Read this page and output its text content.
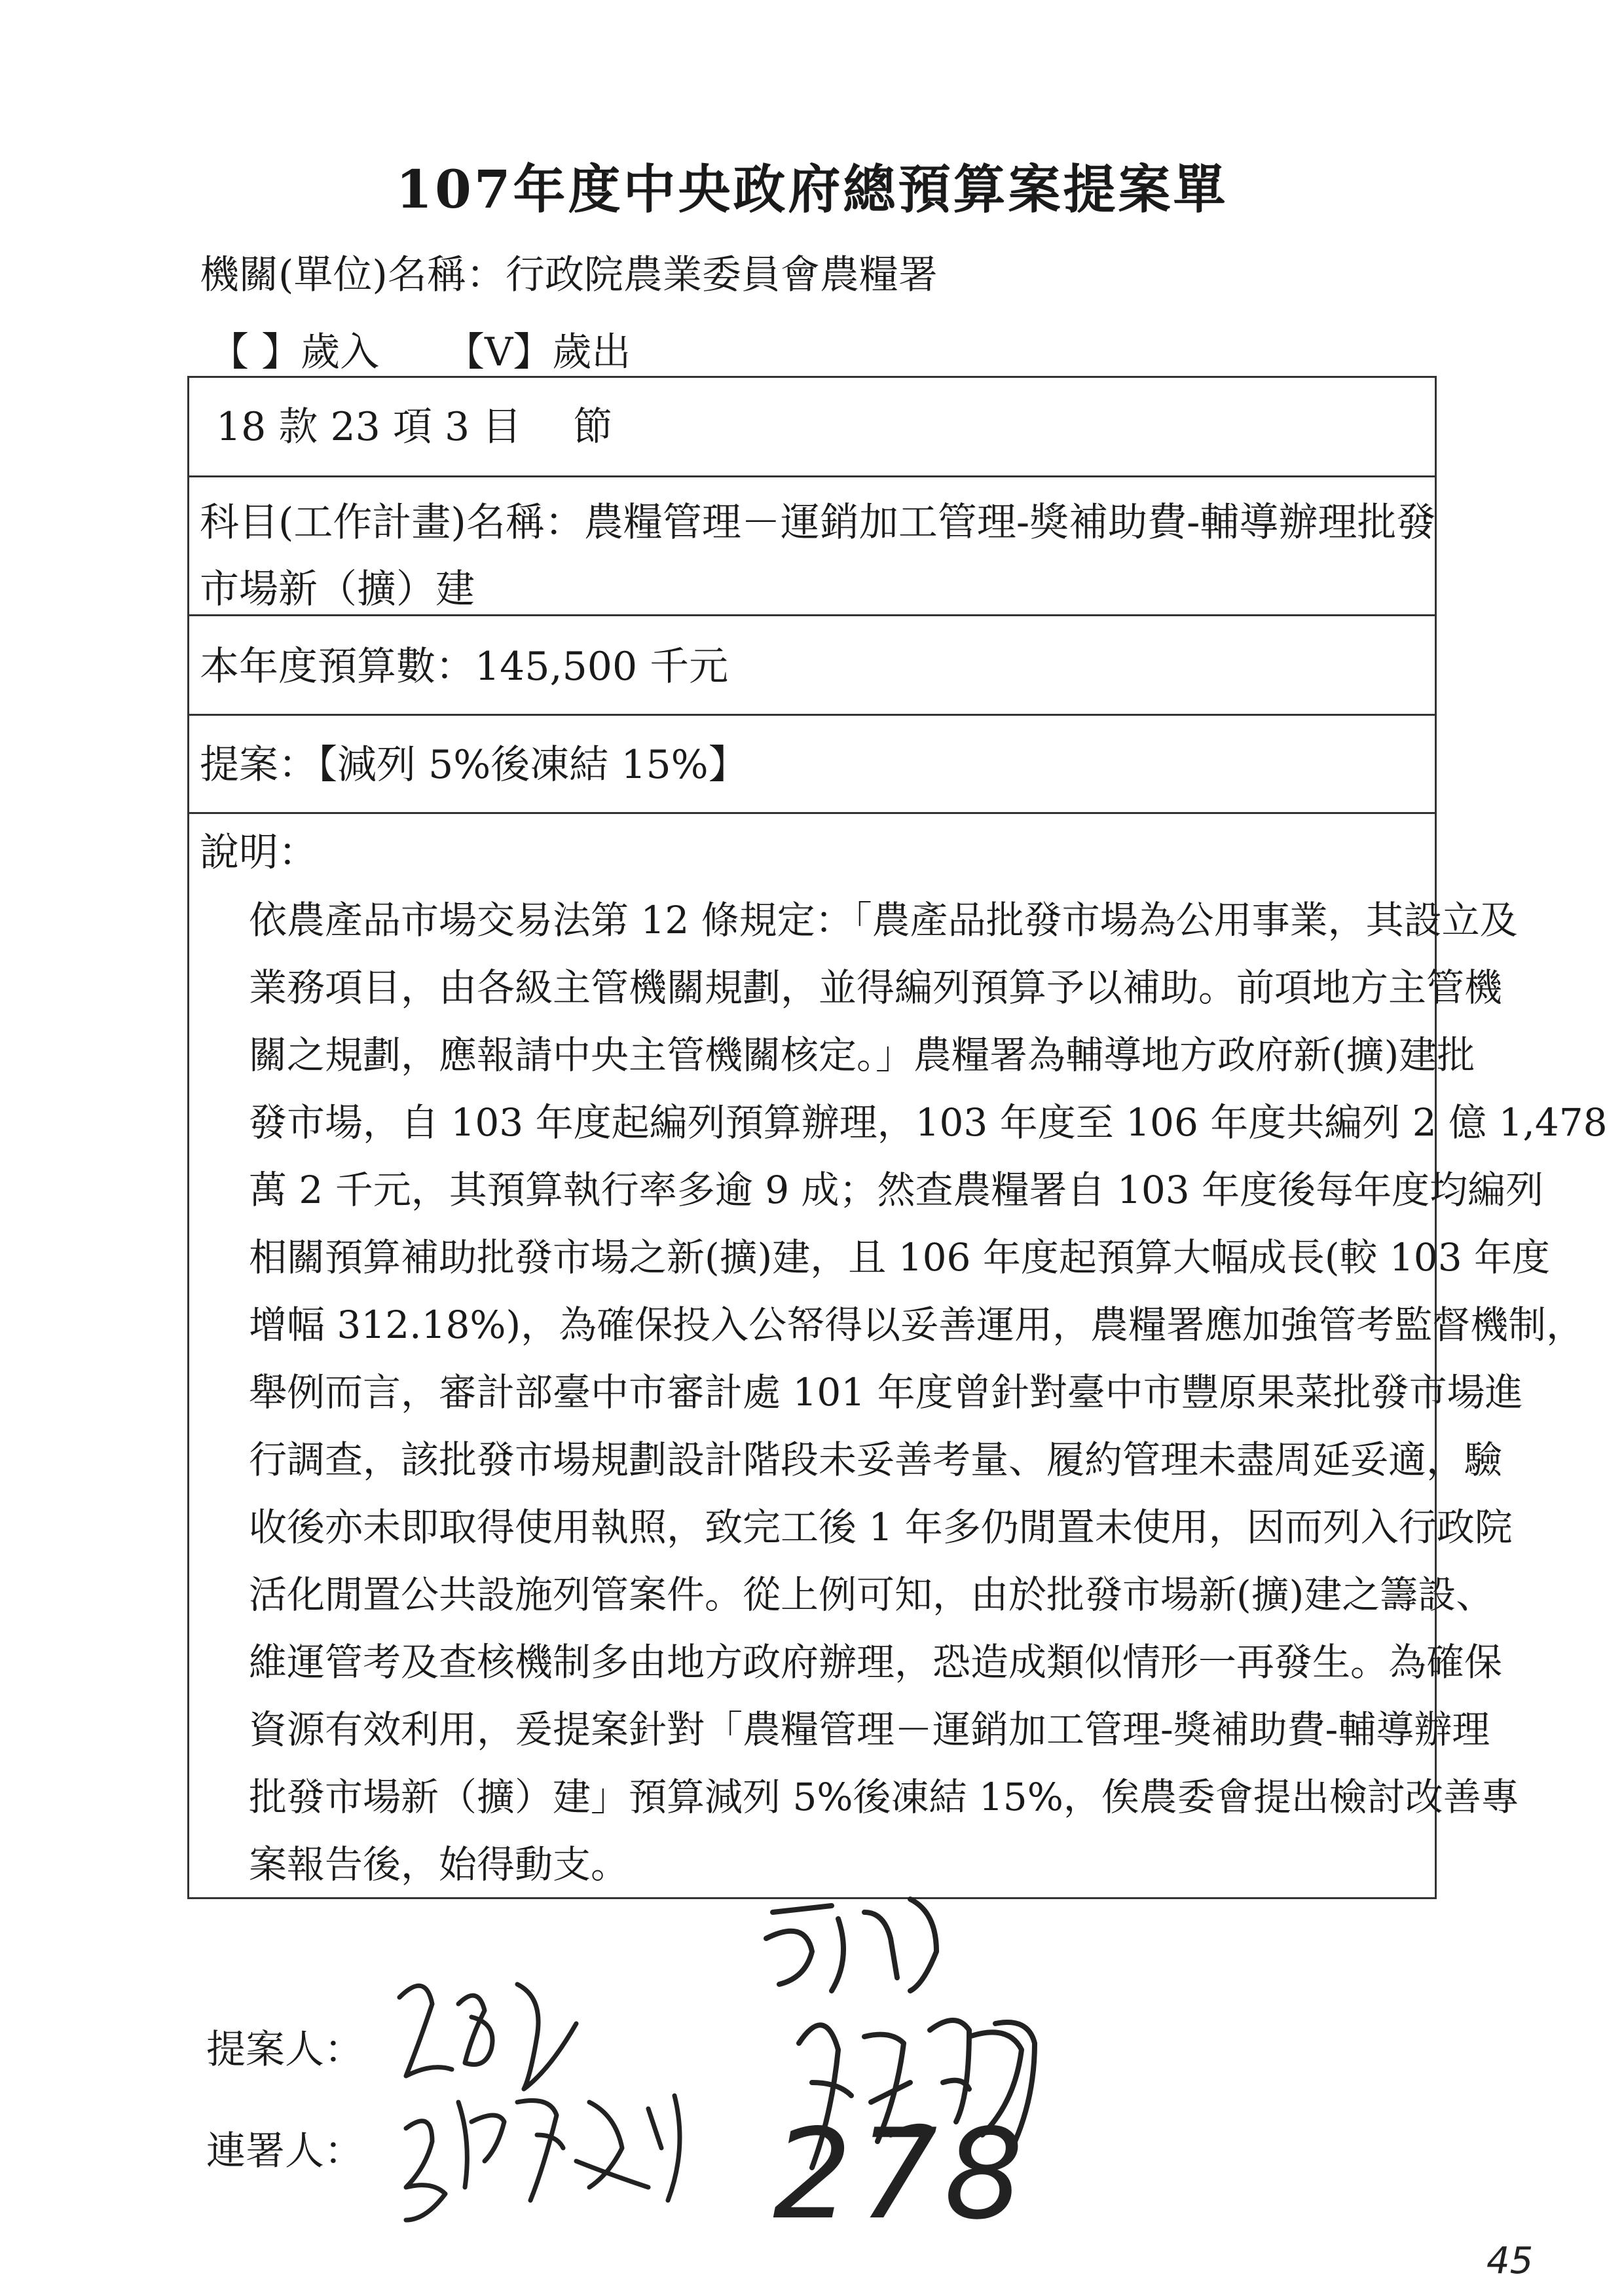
107年度中央政府總預算案提案單
機關(單位)名稱：行政院農業委員會農糧署
【 】歲入 【V】歲出
18 款 23 項 3 目　 節
科目(工作計畫)名稱：農糧管理－運銷加工管理-獎補助費-輔導辦理批發
市場新（擴）建
本年度預算數：145,500 千元
提案：【減列 5%後凍結 15%】
說明：
依農產品市場交易法第 12 條規定：「農產品批發市場為公用事業，其設立及
業務項目，由各級主管機關規劃，並得編列預算予以補助。前項地方主管機
關之規劃，應報請中央主管機關核定。」農糧署為輔導地方政府新(擴)建批
發市場，自 103 年度起編列預算辦理，103 年度至 106 年度共編列 2 億 1,478
萬 2 千元，其預算執行率多逾 9 成；然查農糧署自 103 年度後每年度均編列
相關預算補助批發市場之新(擴)建，且 106 年度起預算大幅成長(較 103 年度
增幅 312.18%)，為確保投入公帑得以妥善運用，農糧署應加強管考監督機制，
舉例而言，審計部臺中市審計處 101 年度曾針對臺中市豐原果菜批發市場進
行調查，該批發市場規劃設計階段未妥善考量、履約管理未盡周延妥適，驗
收後亦未即取得使用執照，致完工後 1 年多仍閒置未使用，因而列入行政院
活化閒置公共設施列管案件。從上例可知，由於批發市場新(擴)建之籌設、
維運管考及查核機制多由地方政府辦理，恐造成類似情形一再發生。為確保
資源有效利用，爰提案針對「農糧管理－運銷加工管理-獎補助費-輔導辦理
批發市場新（擴）建」預算減列 5%後凍結 15%，俟農委會提出檢討改善專
案報告後，始得動支。
提案人：
連署人：	278
45
